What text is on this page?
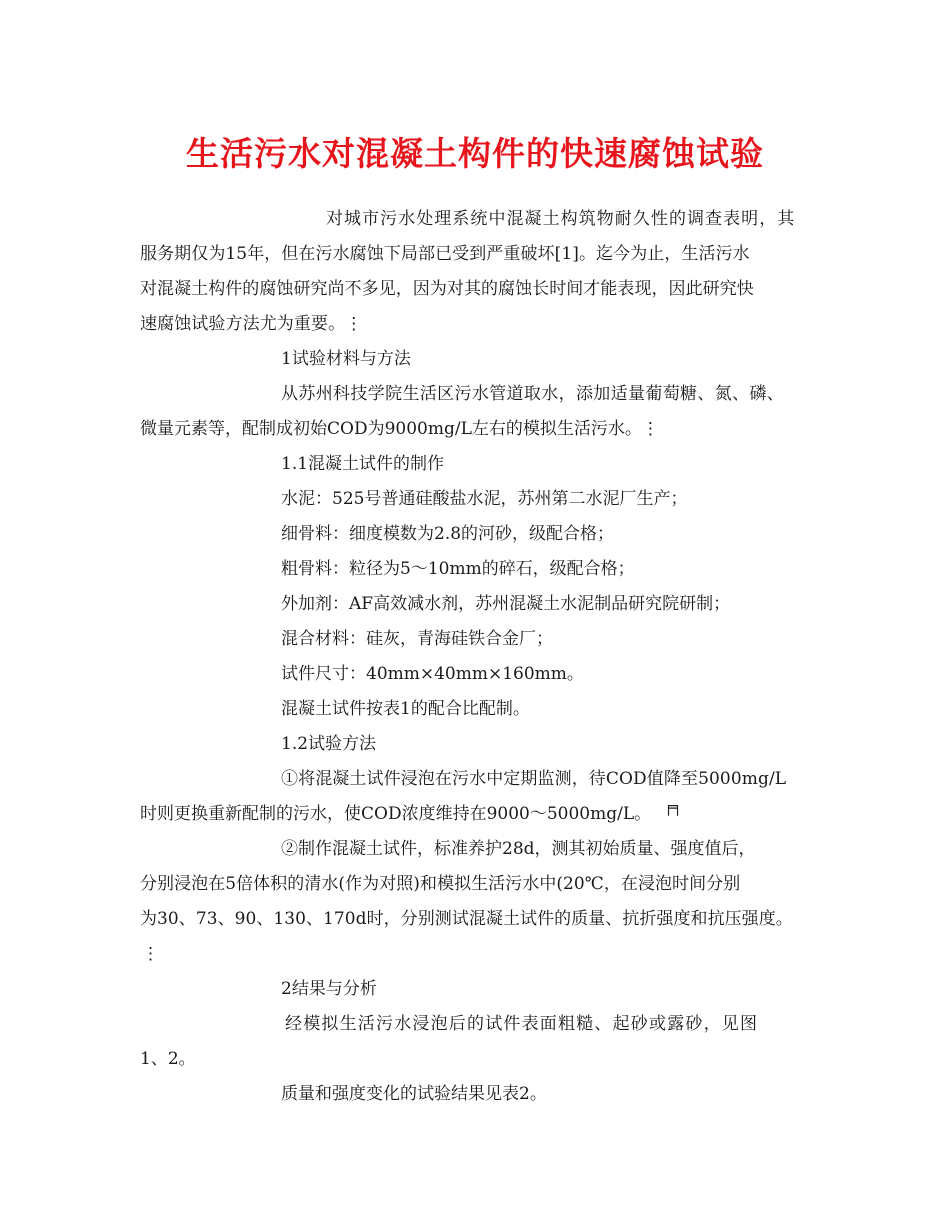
生活污水对混凝土构件的快速腐蚀试验

对城市污水处理系统中混凝土构筑物耐久性的调查表明，其

服务期仅为15年，但在污水腐蚀下局部已受到严重破坏[1]。迄今为止，生活污水

对混凝土构件的腐蚀研究尚不多见，因为对其的腐蚀长时间才能表现，因此研究快

速腐蚀试验方法尤为重要。⋮

1试验材料与方法

从苏州科技学院生活区污水管道取水，添加适量葡萄糖、氮、磷、

微量元素等，配制成初始COD为9000mg/L左右的模拟生活污水。⋮

1.1混凝土试件的制作

水泥：525号普通硅酸盐水泥，苏州第二水泥厂生产；

细骨料：细度模数为2.8的河砂，级配合格；

粗骨料：粒径为5～10mm的碎石，级配合格；

外加剂：AF高效减水剂，苏州混凝土水泥制品研究院研制；

混合材料：硅灰，青海硅铁合金厂；

试件尺寸：40mm×40mm×160mm。

混凝土试件按表1的配合比配制。

1.2试验方法

①将混凝土试件浸泡在污水中定期监测，待COD值降至5000mg/L

时则更换重新配制的污水，使COD浓度维持在9000～5000mg/L。 ╒╕

②制作混凝土试件，标准养护28d，测其初始质量、强度值后，

分别浸泡在5倍体积的清水(作为对照)和模拟生活污水中(20℃，在浸泡时间分别

为30、73、90、130、170d时，分别测试混凝土试件的质量、抗折强度和抗压强度。

⋮

2结果与分析

经模拟生活污水浸泡后的试件表面粗糙、起砂或露砂，见图

1、2。

质量和强度变化的试验结果见表2。
